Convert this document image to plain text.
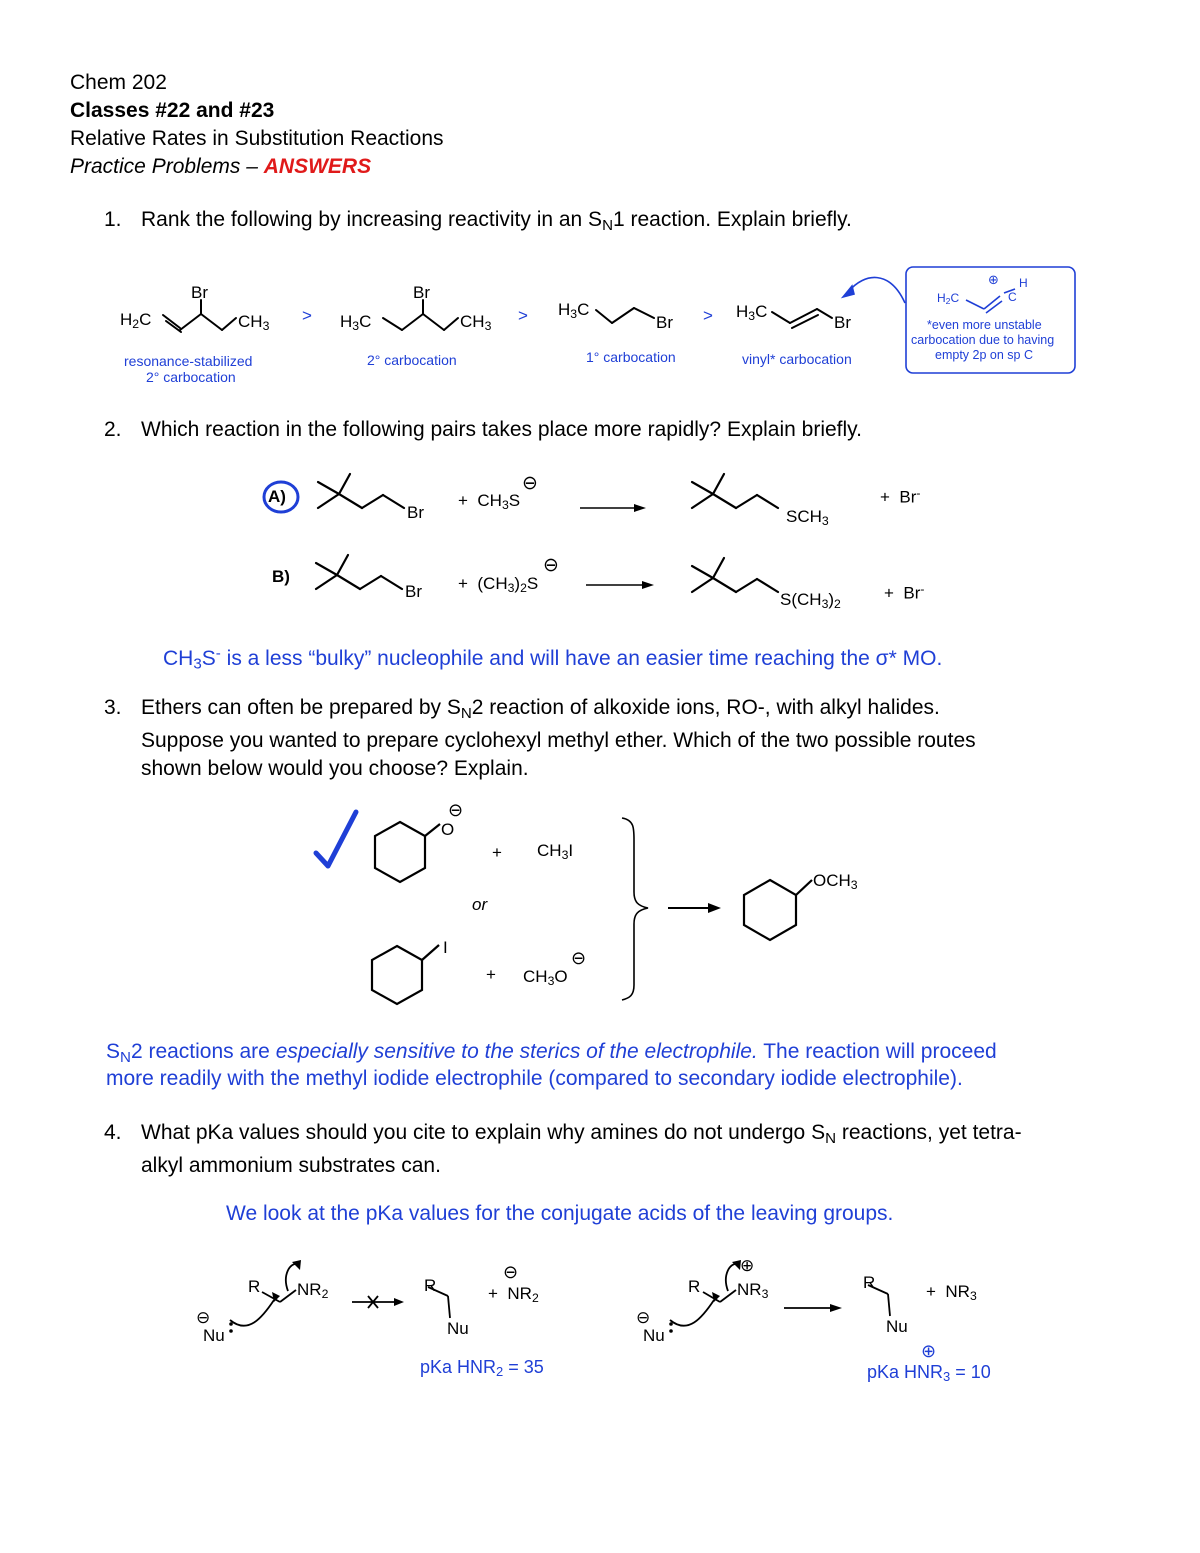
Chem 202
Classes #22 and #23
Relative Rates in Substitution Reactions
Practice Problems – ANSWERS
1. Rank the following by increasing reactivity in an $S_N1$ reaction. Explain briefly.
Br
$H_2C$	$CH_3$
>
Br
$H_3C$	$CH_3$
> $H_3C$
$Br > H_3C$
Br
resonance-stabilized
2° carbocation
2° carbocation	1° carbocation	vinyl* carbocation
$H_2C$	C
⊕ H
*even more unstable
carbocation due to having
empty 2p on sp C
2. Which reaction in the following pairs takes place more rapidly? Explain briefly.
A)
Br
+ $CH_3S$
⊖
$SCH_3$
+ Br-
B)
$Br + (CH_3)_2S$
⊖
$S(CH_3)_2$
+ Br-
$CH_3S^-$ is a less “bulky” nucleophile and will have an easier time reaching the σ* MO.
3. Ethers can often be prepared by $S_N2$ reaction of alkoxide ions, RO-, with alkyl halides.
Suppose you wanted to prepare cyclohexyl methyl ether. Which of the two possible routes
shown below would you choose? Explain.
O
⊖
+ $CH_3I$
or
I
+ $CH_3O$
⊖
$OCH_3$
$S_N2$ reactions are especially sensitive to the sterics of the electrophile. The reaction will proceed
more readily with the methyl iodide electrophile (compared to secondary iodide electrophile).
4. What pKa values should you cite to explain why amines do not undergo $S_N$ reactions, yet tetra-
alkyl ammonium substrates can.
We look at the pKa values for the conjugate acids of the leaving groups.
R $NR_2$
⊖
Nu
R
Nu
+ $NR_2$
⊖
pKa $HNR_2 = 35$
R $NR_3$
⊕
⊖
Nu
R
Nu
+ $NR_3$
⊕
pKa $HNR_3 = 10$
